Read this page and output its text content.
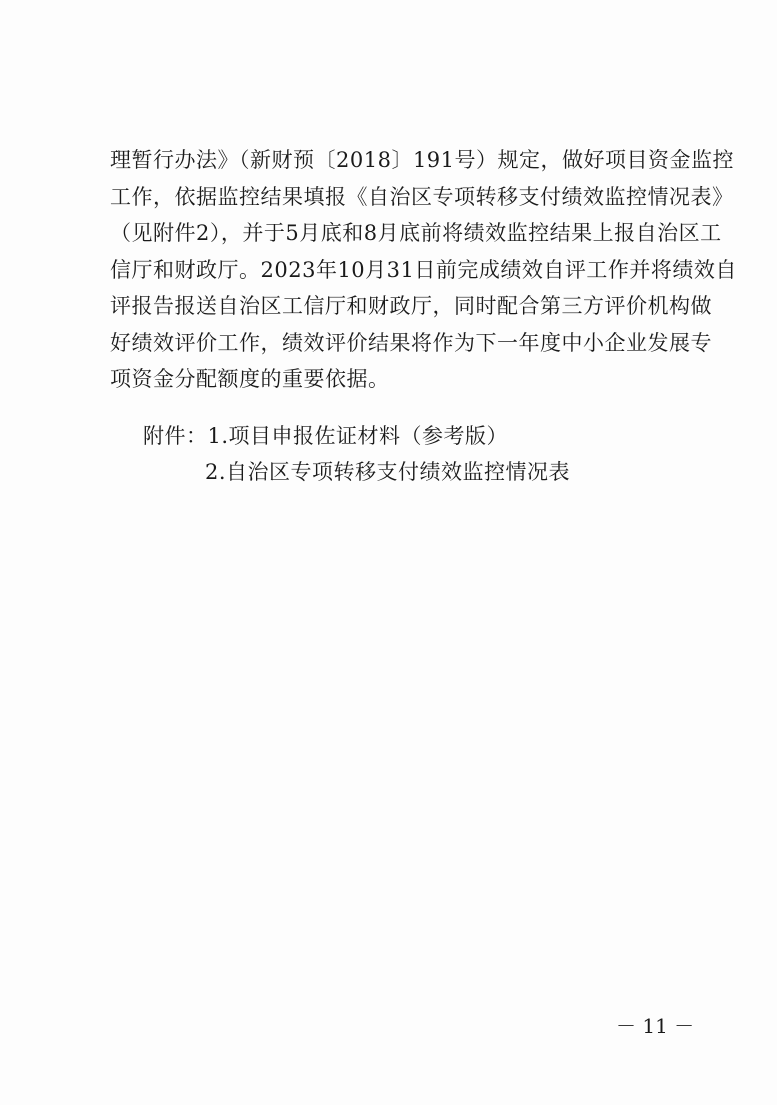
理暂行办法》（新财预〔2018〕191号）规定，做好项目资金监控
工作，依据监控结果填报《自治区专项转移支付绩效监控情况表》
（见附件2），并于5月底和8月底前将绩效监控结果上报自治区工
信厅和财政厅。2023年10月31日前完成绩效自评工作并将绩效自
评报告报送自治区工信厅和财政厅，同时配合第三方评价机构做
好绩效评价工作，绩效评价结果将作为下一年度中小企业发展专
项资金分配额度的重要依据。
附件：1.项目申报佐证材料（参考版）
2.自治区专项转移支付绩效监控情况表
－ 11 －
